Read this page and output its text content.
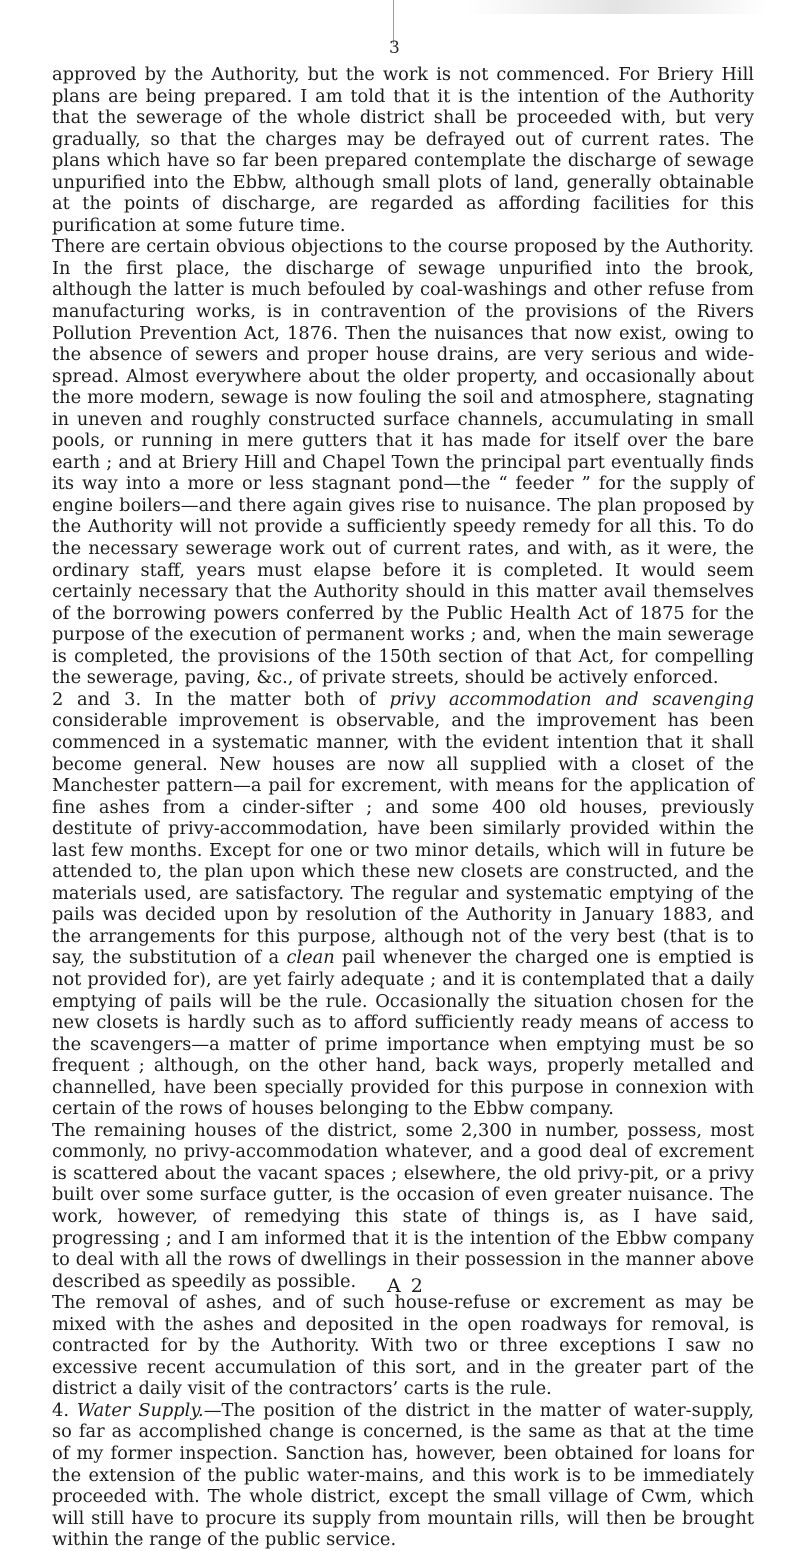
3

approved by the Authority, but the work is not commenced. For Briery Hill plans are being prepared. I am told that it is the intention of the Authority that the sewerage of the whole district shall be proceeded with, but very gradually, so that the charges may be defrayed out of current rates. The plans which have so far been prepared contemplate the discharge of sewage unpurified into the Ebbw, although small plots of land, generally obtainable at the points of discharge, are regarded as affording facilities for this purification at some future time.

There are certain obvious objections to the course proposed by the Authority. In the first place, the discharge of sewage unpurified into the brook, although the latter is much befouled by coal-washings and other refuse from manufacturing works, is in contravention of the provisions of the Rivers Pollution Prevention Act, 1876. Then the nuisances that now exist, owing to the absence of sewers and proper house drains, are very serious and wide-spread. Almost everywhere about the older property, and occasionally about the more modern, sewage is now fouling the soil and atmosphere, stagnating in uneven and roughly constructed surface channels, accumulating in small pools, or running in mere gutters that it has made for itself over the bare earth ; and at Briery Hill and Chapel Town the principal part eventually finds its way into a more or less stagnant pond—the “ feeder ” for the supply of engine boilers—and there again gives rise to nuisance. The plan proposed by the Authority will not provide a sufficiently speedy remedy for all this. To do the necessary sewerage work out of current rates, and with, as it were, the ordinary staff, years must elapse before it is completed. It would seem certainly necessary that the Authority should in this matter avail themselves of the borrowing powers conferred by the Public Health Act of 1875 for the purpose of the execution of permanent works ; and, when the main sewerage is completed, the provisions of the 150th section of that Act, for compelling the sewerage, paving, &c., of private streets, should be actively enforced.

2 and 3. In the matter both of privy accommodation and scavenging considerable improvement is observable, and the improvement has been commenced in a systematic manner, with the evident intention that it shall become general. New houses are now all supplied with a closet of the Manchester pattern—a pail for excrement, with means for the application of fine ashes from a cinder-sifter ; and some 400 old houses, previously destitute of privy-accommodation, have been similarly provided within the last few months. Except for one or two minor details, which will in future be attended to, the plan upon which these new closets are constructed, and the materials used, are satisfactory. The regular and systematic emptying of the pails was decided upon by resolution of the Authority in January 1883, and the arrangements for this purpose, although not of the very best (that is to say, the substitution of a clean pail whenever the charged one is emptied is not provided for), are yet fairly adequate ; and it is contemplated that a daily emptying of pails will be the rule. Occasionally the situation chosen for the new closets is hardly such as to afford sufficiently ready means of access to the scavengers—a matter of prime importance when emptying must be so frequent ; although, on the other hand, back ways, properly metalled and channelled, have been specially provided for this purpose in connexion with certain of the rows of houses belonging to the Ebbw company.

The remaining houses of the district, some 2,300 in number, possess, most commonly, no privy-accommodation whatever, and a good deal of excrement is scattered about the vacant spaces ; elsewhere, the old privy-pit, or a privy built over some surface gutter, is the occasion of even greater nuisance. The work, however, of remedying this state of things is, as I have said, progressing ; and I am informed that it is the intention of the Ebbw company to deal with all the rows of dwellings in their possession in the manner above described as speedily as possible.

The removal of ashes, and of such house-refuse or excrement as may be mixed with the ashes and deposited in the open roadways for removal, is contracted for by the Authority. With two or three exceptions I saw no excessive recent accumulation of this sort, and in the greater part of the district a daily visit of the contractors’ carts is the rule.

4. Water Supply.—The position of the district in the matter of water-supply, so far as accomplished change is concerned, is the same as that at the time of my former inspection. Sanction has, however, been obtained for loans for the extension of the public water-mains, and this work is to be immediately proceeded with. The whole district, except the small village of Cwm, which will still have to procure its supply from mountain rills, will then be brought within the range of the public service.

A 2
